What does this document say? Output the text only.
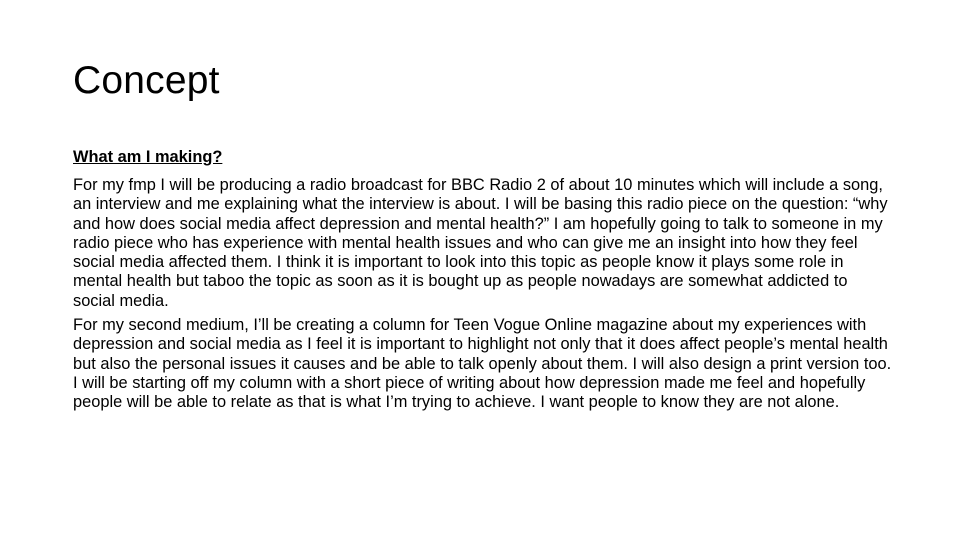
Concept

What am I making?

For my fmp I will be producing a radio broadcast for BBC Radio 2 of about 10 minutes which will include a song, an interview and me explaining what the interview is about. I will be basing this radio piece on the question: “why and how does social media affect depression and mental health?” I am hopefully going to talk to someone in my radio piece who has experience with mental health issues and who can give me an insight into how they feel social media affected them. I think it is important to look into this topic as people know it plays some role in mental health but taboo the topic as soon as it is bought up as people nowadays are somewhat addicted to social media.

For my second medium, I’ll be creating a column for Teen Vogue Online magazine about my experiences with depression and social media as I feel it is important to highlight not only that it does affect people’s mental health but also the personal issues it causes and be able to talk openly about them. I will also design a print version too. I will be starting off my column with a short piece of writing about how depression made me feel and hopefully people will be able to relate as that is what I’m trying to achieve. I want people to know they are not alone.
